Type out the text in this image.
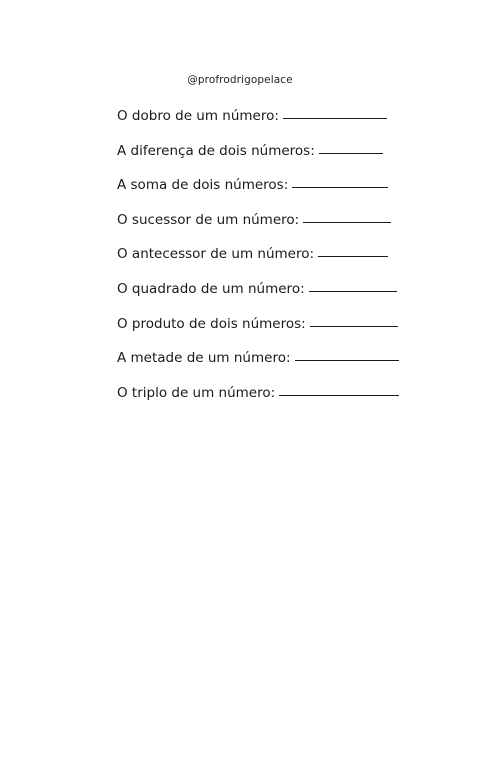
@profrodrigopelace
O dobro de um número:
A diferença de dois números:
A soma de dois números:
O sucessor de um número:
O antecessor de um número:
O quadrado de um número:
O produto de dois números:
A metade de um número:
O triplo de um número:
